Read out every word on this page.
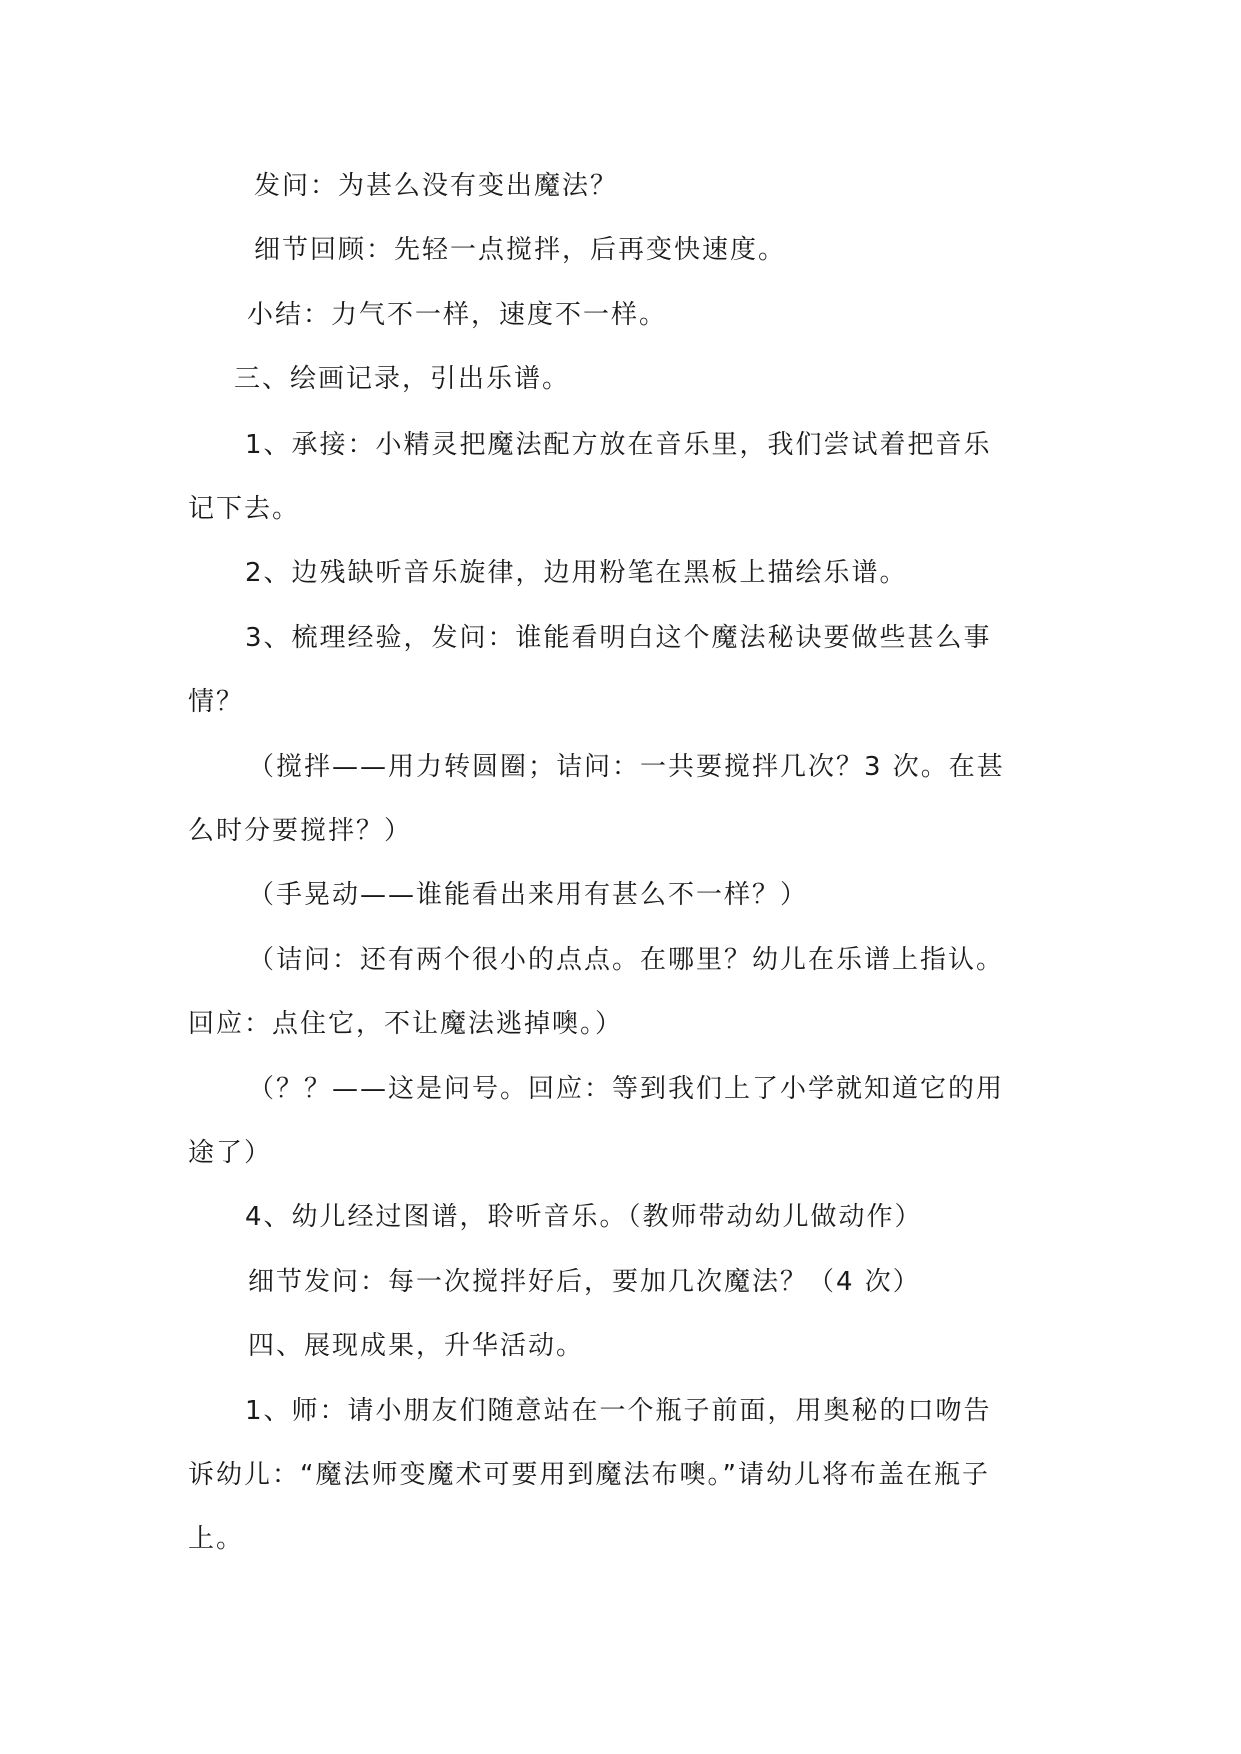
发问：为甚么没有变出魔法？
细节回顾：先轻一点搅拌，后再变快速度。
小结：力气不一样，速度不一样。
三、绘画记录，引出乐谱。
1、承接：小精灵把魔法配方放在音乐里，我们尝试着把音乐
记下去。
2、边残缺听音乐旋律，边用粉笔在黑板上描绘乐谱。
3、梳理经验，发问：谁能看明白这个魔法秘诀要做些甚么事
情？
（搅拌——用力转圆圈；诘问：一共要搅拌几次？3 次。在甚
么时分要搅拌？）
（手晃动——谁能看出来用有甚么不一样？）
（诘问：还有两个很小的点点。在哪里？幼儿在乐谱上指认。
回应：点住它，不让魔法逃掉噢。）
（？？——这是问号。回应：等到我们上了小学就知道它的用
途了）
4、幼儿经过图谱，聆听音乐。（教师带动幼儿做动作）
细节发问：每一次搅拌好后，要加几次魔法？（4 次）
四、展现成果，升华活动。
1、师：请小朋友们随意站在一个瓶子前面，用奥秘的口吻告
诉幼儿：“魔法师变魔术可要用到魔法布噢。”请幼儿将布盖在瓶子
上。
